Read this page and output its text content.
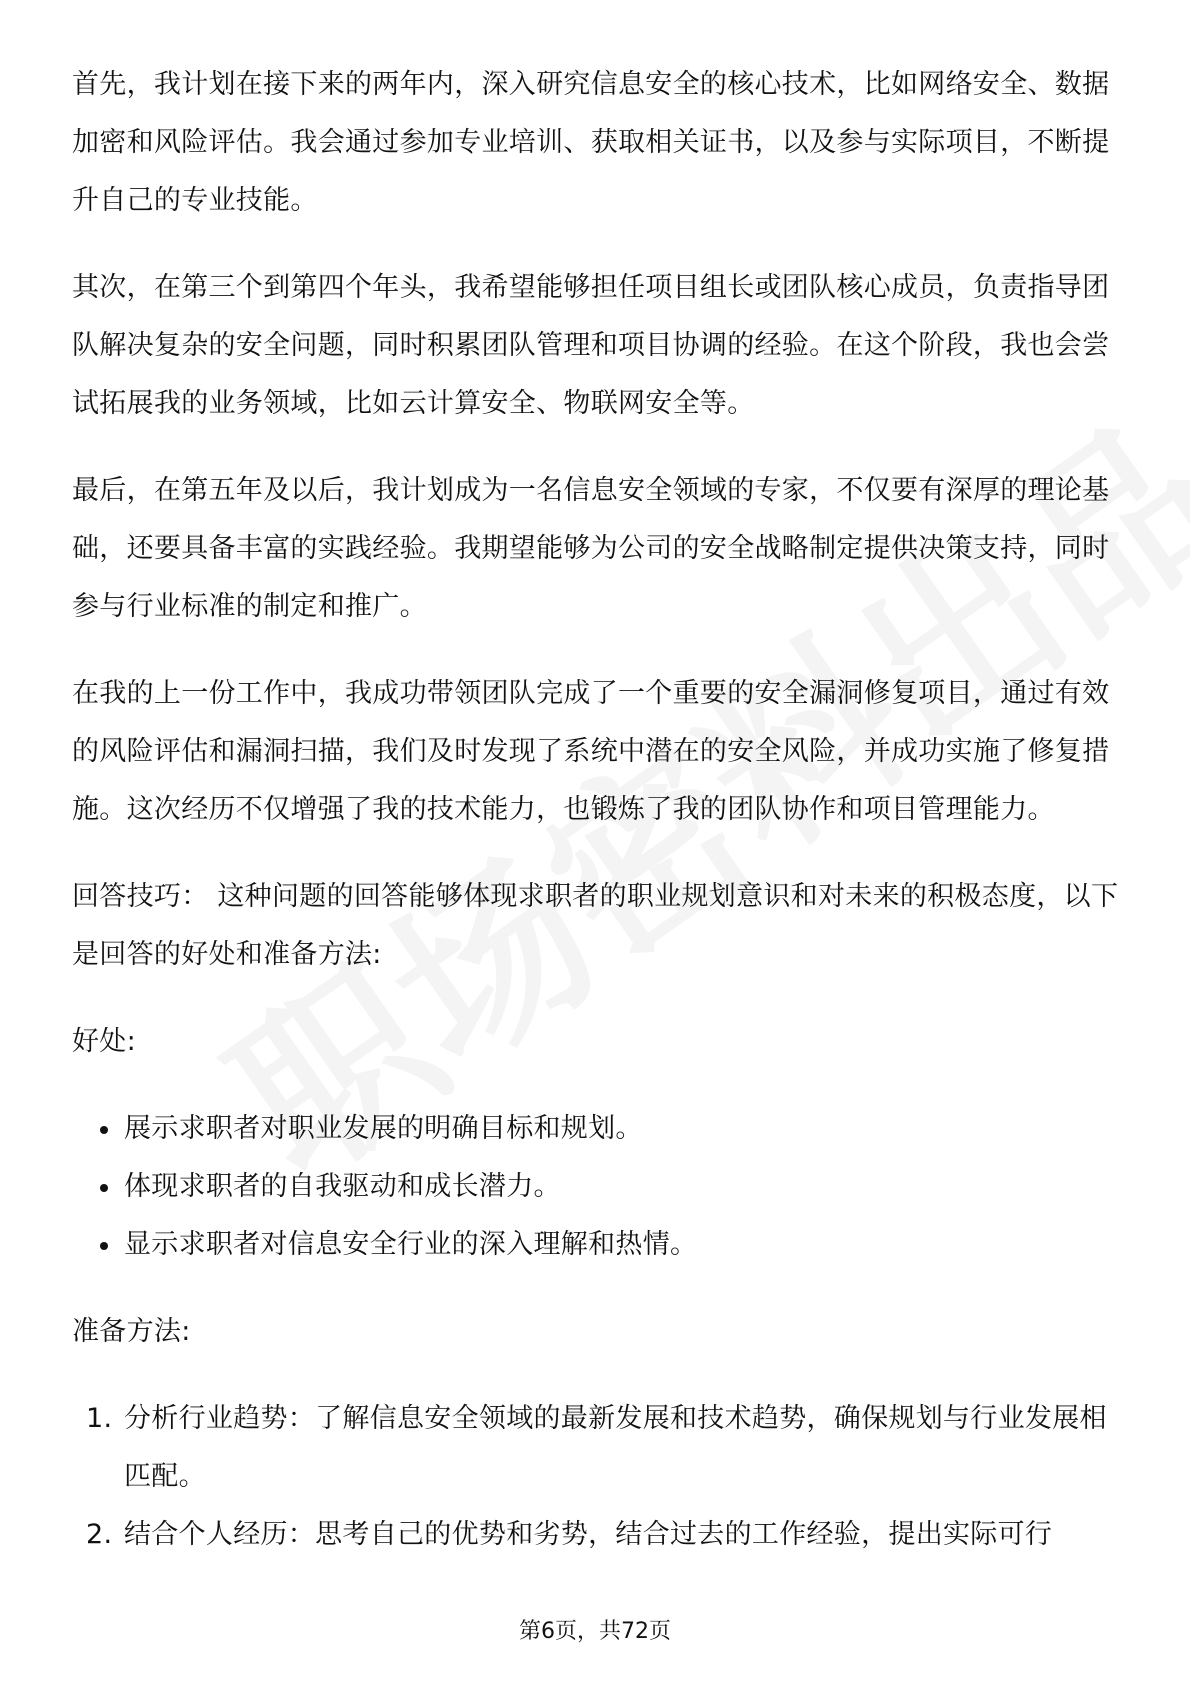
首先，我计划在接下来的两年内，深入研究信息安全的核心技术，比如网络安全、数据加密和风险评估。我会通过参加专业培训、获取相关证书，以及参与实际项目，不断提升自己的专业技能。

其次，在第三个到第四个年头，我希望能够担任项目组长或团队核心成员，负责指导团队解决复杂的安全问题，同时积累团队管理和项目协调的经验。在这个阶段，我也会尝试拓展我的业务领域，比如云计算安全、物联网安全等。

最后，在第五年及以后，我计划成为一名信息安全领域的专家，不仅要有深厚的理论基础，还要具备丰富的实践经验。我期望能够为公司的安全战略制定提供决策支持，同时参与行业标准的制定和推广。

在我的上一份工作中，我成功带领团队完成了一个重要的安全漏洞修复项目，通过有效的风险评估和漏洞扫描，我们及时发现了系统中潜在的安全风险，并成功实施了修复措施。这次经历不仅增强了我的技术能力，也锻炼了我的团队协作和项目管理能力。

回答技巧： 这种问题的回答能够体现求职者的职业规划意识和对未来的积极态度，以下是回答的好处和准备方法:

好处:

展示求职者对职业发展的明确目标和规划。
体现求职者的自我驱动和成长潜力。
显示求职者对信息安全行业的深入理解和热情。

准备方法:

1. 分析行业趋势：了解信息安全领域的最新发展和技术趋势，确保规划与行业发展相匹配。
2. 结合个人经历：思考自己的优势和劣势，结合过去的工作经验，提出实际可行
第6页，共72页
